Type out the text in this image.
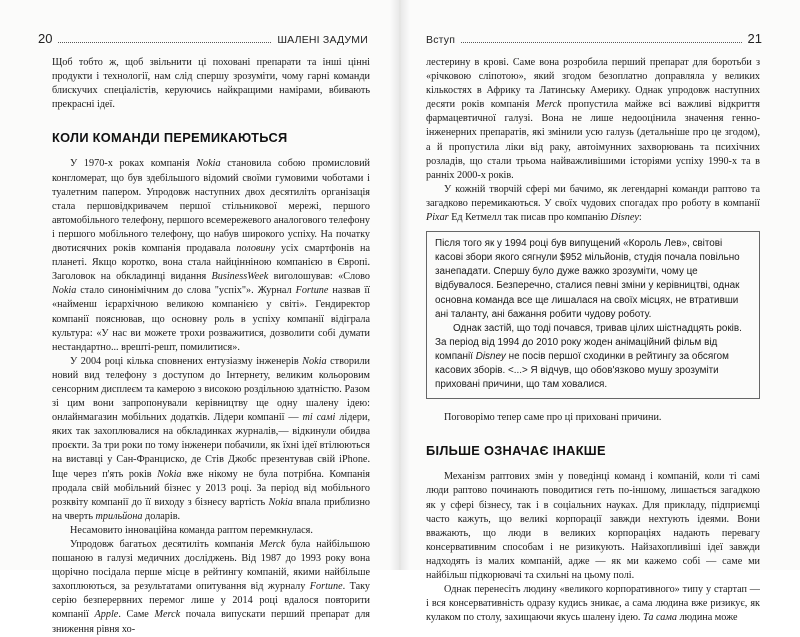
20	ШАЛЕНІ ЗАДУМИ

Щоб тобто ж, щоб звільнити ці поховані препарати та інші цінні продукти і технології, нам слід спершу зрозуміти, чому гарні команди блискучих спеціалістів, керуючись найкращими намірами, вбивають прекрасні ідеї.

КОЛИ КОМАНДИ ПЕРЕМИКАЮТЬСЯ

У 1970-х роках компанія Nokia становила собою промисловий конгломерат, що був здебільшого відомий своїми гумовими чоботами і туалетним папером. Упродовж наступних двох десятиліть організація стала першовідкривачем першої стільникової мережі, першого автомобільного телефону, першого всемережевого аналогового телефону і першого мобільного телефону, що набув широкого успіху. На початку двотисячних років компанія продавала половину усіх смартфонів на планеті. Якщо коротко, вона стала найцінніною компанією в Європі. Заголовок на обкладинці видання BusinessWeek виголошував: «Слово Nokia стало синонімічним до слова "успіх"». Журнал Fortune назвав її «найменш ієрархічною великою компанією у світі». Гендиректор компанії пояснював, що основну роль в успіху компанії відіграла культура: «У нас ви можете трохи розважитися, дозволити собі думати нестандартно... врешті-решт, помилитися».

У 2004 році кілька сповнених ентузіазму інженерів Nokia створили новий вид телефону з доступом до Інтернету, великим кольоровим сенсорним дисплеєм та камерою з високою роздільною здатністю. Разом зі цим вони запропонували керівництву ще одну шалену ідею: онлайнмагазин мобільних додатків. Лідери компанії — ті самі лідери, яких так захоплювалися на обкладинках журналів,— відкинули обидва проєкти. За три роки по тому інженери побачили, як їхні ідеї втілюються на виставці у Сан-Франциско, де Стів Джобс презентував свій iPhone. Іще через п'ять років Nokia вже нікому не була потрібна. Компанія продала свій мобільний бізнес у 2013 році. За період від мобільного розквіту компанії до її виходу з бізнесу вартість Nokia впала приблизно на чверть трильйона доларів.

Несамовито інноваційна команда раптом перемкнулася.

Упродовж багатьох десятиліть компанія Merck була найбільшою пошаною в галузі медичних досліджень. Від 1987 до 1993 року вона щорічно посідала перше місце в рейтингу компаній, якими найбільше захоплюються, за результатами опитування від журналу Fortune. Таку серію безперервних перемог лише у 2014 році вдалося повторити компанії Apple. Саме Merck почала випускати перший препарат для зниження рівня хо-

Вступ	21

лестерину в крові. Саме вона розробила перший препарат для боротьби з «річковою сліпотою», який згодом безоплатно доправляла у великих кількостях в Африку та Латинську Америку. Однак упродовж наступних десяти років компанія Merck пропустила майже всі важливі відкриття фармацевтичної галузі. Вона не лише недооцінила значення генно-інженерних препаратів, які змінили усю галузь (детальніше про це згодом), а й пропустила ліки від раку, автоімунних захворювань та психічних розладів, що стали трьома найважливішими історіями успіху 1990-х та в ранніх 2000-х років.

У кожній творчій сфері ми бачимо, як легендарні команди раптово та загадково перемикаються. У своїх чудових спогадах про роботу в компанії Pixar Ед Кетмелл так писав про компанію Disney:

Після того як у 1994 році був випущений «Король Лев», світові касові збори якого сягнули $952 мільйонів, студія почала повільно занепадати. Спершу було дуже важко зрозуміти, чому це відбувалося. Безперечно, сталися певні зміни у керівництві, однак основна команда все ще лишалася на своїх місцях, не втративши ані таланту, ані бажання робити чудову роботу.

Однак застій, що тоді почався, тривав цілих шістнадцять років. За період від 1994 до 2010 року жоден анімаційний фільм від компанії Disney не посів першої сходинки в рейтингу за обсягом касових зборів. <...> Я відчув, що обов'язково мушу зрозуміти приховані причини, що там ховалися.

Поговорімо тепер саме про ці приховані причини.

БІЛЬШЕ ОЗНАЧАЄ ІНАКШЕ

Механізм раптових змін у поведінці команд і компаній, коли ті самі люди раптово починають поводитися геть по-іншому, лишається загадкою як у сфері бізнесу, так і в соціальних науках. Для прикладу, підприємці часто кажуть, що великі корпорації завжди нехтують ідеями. Вони вважають, що люди в великих корпораціях надають перевагу консервативним способам і не ризикують. Найзахопливіші ідеї завжди надходять із малих компаній, адже — як ми кажемо собі — саме ми найбільш підкорювачі та схильні на цьому полі.

Однак перенесіть людину «великого корпоративного» типу у стартап — і вся консервативність одразу кудись зникає, а сама людина вже ризикує, як кулаком по столу, захищаючи якусь шалену ідею. Та сама людина може
